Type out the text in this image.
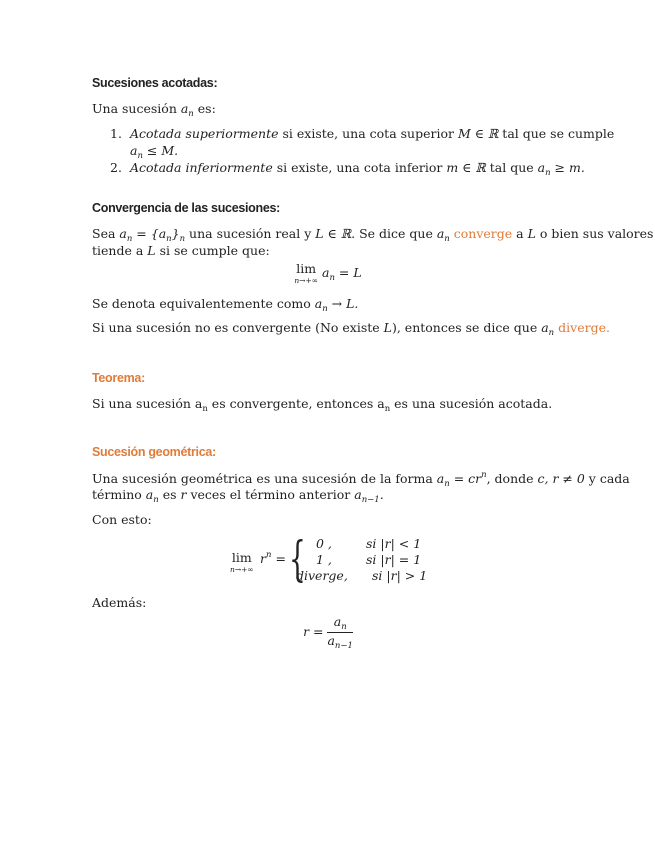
Sucesiones acotadas:
Una sucesión $a_n$ es:
1. Acotada superiormente si existe, una cota superior M ∈ ℝ tal que se cumple
$a_n \le M$.
2. Acotada inferiormente si existe, una cota inferior m ∈ ℝ tal que $a_n \ge m$.
Convergencia de las sucesiones:
Sea $a_n = \{a_n\}_n$ una sucesión real y L ∈ ℝ. Se dice que $a_n$ converge a L o bien sus valores
tiende a L si se cumple que:
lim
n→+∞ $a_n = L$
Se denota equivalentemente como $a_n \to L$.
Si una sucesión no es convergente (No existe L), entonces se dice que $a_n$ diverge.
Teorema:
Si una sucesión $a_n$ es convergente, entonces $a_n$ es una sucesión acotada.
Sucesión geométrica:
Una sucesión geométrica es una sucesión de la forma $a_n = cr^n$, donde c, r ≠ 0 y cada
término $a_n$ es r veces el término anterior $a_{n-1}$.
Con esto:
lim
n→+∞
$r^n$ = { 0 ,	si |r| < 1
1 ,	si |r| = 1
diverge, si |r| > 1
Además:
$r = \frac{a_n}{a_{n-1}}$
